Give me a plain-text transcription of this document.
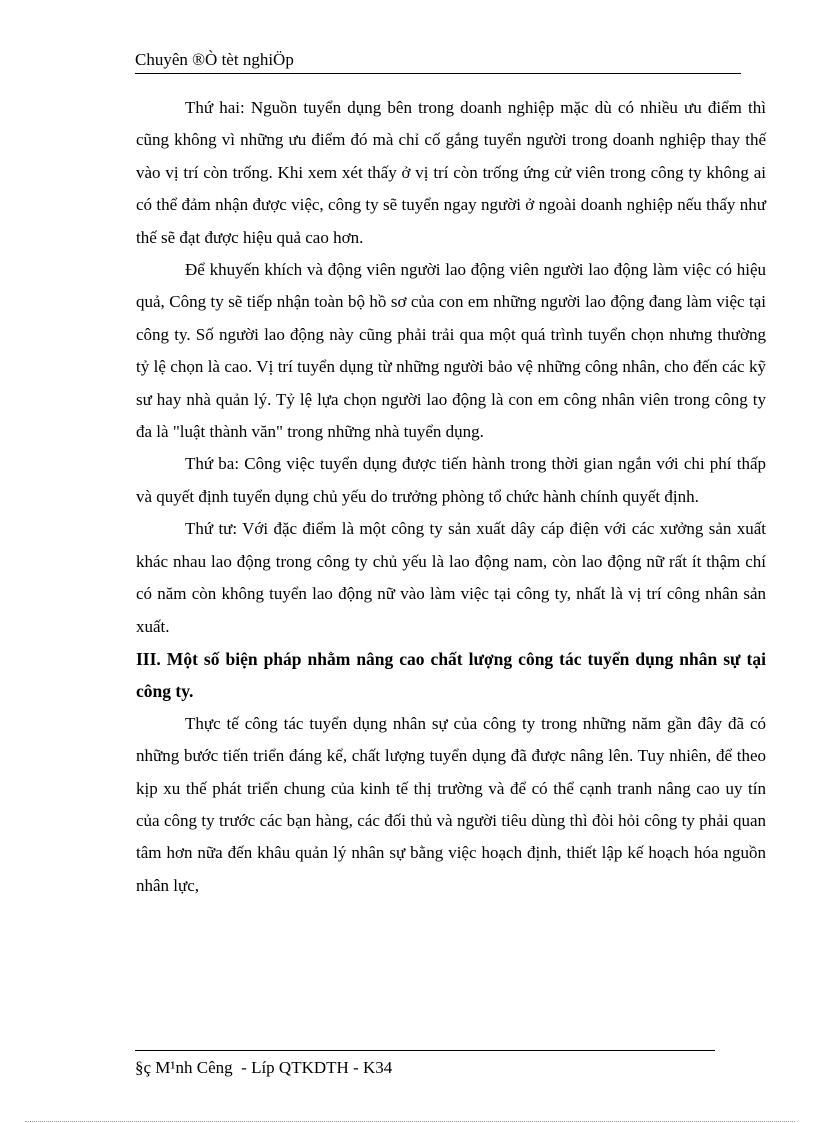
Chuyên ®Ò tèt nghiÖp

Thứ hai: Nguồn tuyển dụng bên trong doanh nghiệp mặc dù có nhiều ưu điểm thì cũng không vì những ưu điểm đó mà chỉ cố gắng tuyển người trong doanh nghiệp thay thế vào vị trí còn trống. Khi xem xét thấy ở vị trí còn trống ứng cử viên trong công ty không ai có thể đảm nhận được việc, công ty sẽ tuyển ngay người ở ngoài doanh nghiệp nếu thấy như thế sẽ đạt được hiệu quả cao hơn.

Để khuyến khích và động viên người lao động viên người lao động làm việc có hiệu quả, Công ty sẽ tiếp nhận toàn bộ hồ sơ của con em những người lao động đang làm việc tại công ty. Số người lao động này cũng phải trải qua một quá trình tuyển chọn nhưng thường tỷ lệ chọn là cao. Vị trí tuyển dụng từ những người bảo vệ những công nhân, cho đến các kỹ sư hay nhà quản lý. Tỷ lệ lựa chọn người lao động là con em công nhân viên trong công ty đa là "luật thành văn" trong những nhà tuyển dụng.

Thứ ba: Công việc tuyển dụng được tiến hành trong thời gian ngắn với chi phí thấp và quyết định tuyển dụng chủ yếu do trưởng phòng tổ chức hành chính quyết định.

Thứ tư: Với đặc điểm là một công ty sản xuất dây cáp điện với các xưởng sản xuất khác nhau lao động trong công ty chủ yếu là lao động nam, còn lao động nữ rất ít thậm chí có năm còn không tuyển lao động nữ vào làm việc tại công ty, nhất là vị trí công nhân sản xuất.

III. Một số biện pháp nhằm nâng cao chất lượng công tác tuyển dụng nhân sự tại công ty.

Thực tế công tác tuyển dụng nhân sự của công ty trong những năm gần đây đã có những bước tiến triển đáng kể, chất lượng tuyển dụng đã được nâng lên. Tuy nhiên, để theo kịp xu thế phát triển chung của kinh tế thị trường và để có thể cạnh tranh nâng cao uy tín của công ty trước các bạn hàng, các đối thủ và người tiêu dùng thì đòi hỏi công ty phải quan tâm hơn nữa đến khâu quản lý nhân sự bằng việc hoạch định, thiết lập kế hoạch hóa nguồn nhân lực,

§ç M¹nh Cêng  - Líp QTKDTH - K34
